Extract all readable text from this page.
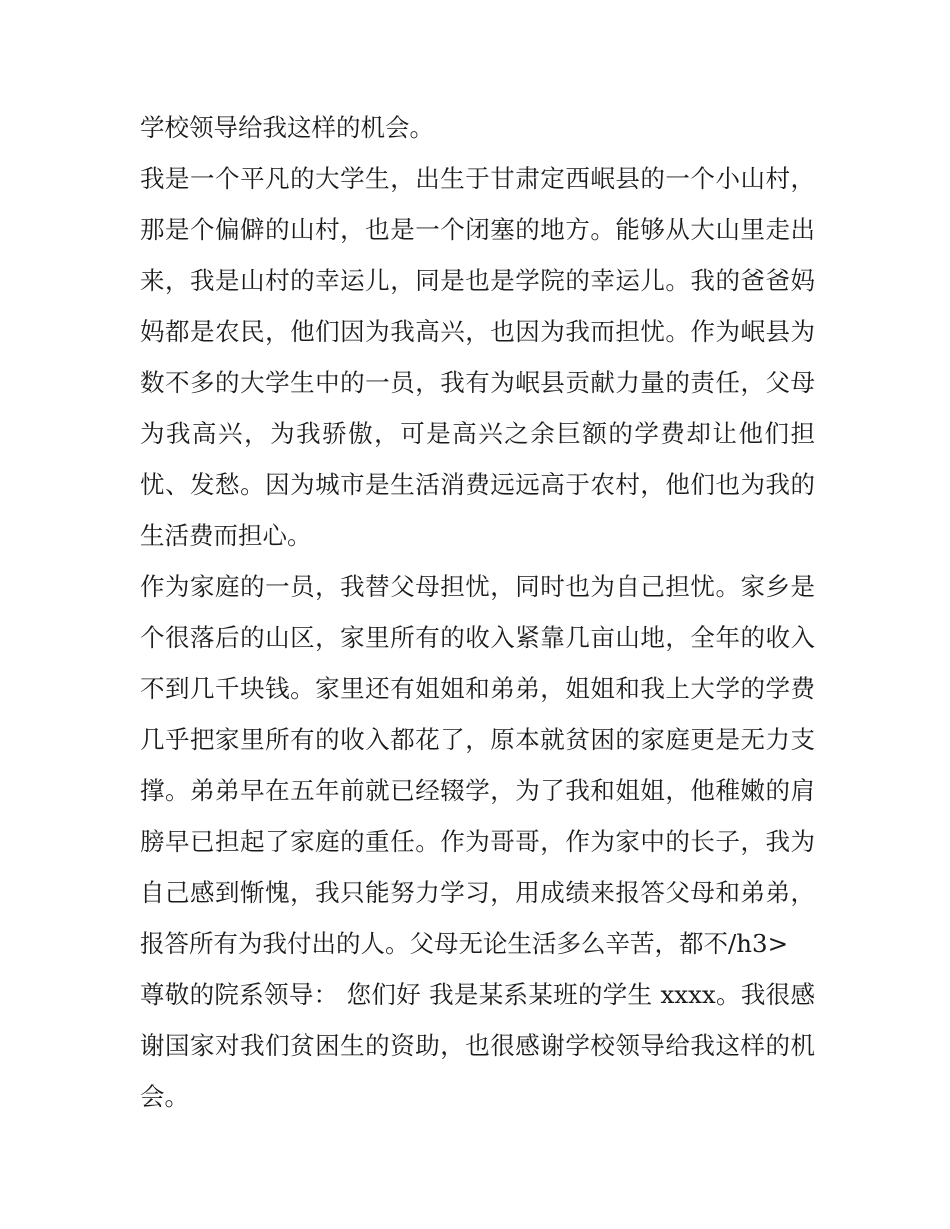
学校领导给我这样的机会。
我是一个平凡的大学生，出生于甘肃定西岷县的一个小山村，
那是个偏僻的山村，也是一个闭塞的地方。能够从大山里走出
来，我是山村的幸运儿，同是也是学院的幸运儿。我的爸爸妈
妈都是农民，他们因为我高兴，也因为我而担忧。作为岷县为
数不多的大学生中的一员，我有为岷县贡献力量的责任，父母
为我高兴，为我骄傲，可是高兴之余巨额的学费却让他们担
忧、发愁。因为城市是生活消费远远高于农村，他们也为我的
生活费而担心。
作为家庭的一员，我替父母担忧，同时也为自己担忧。家乡是
个很落后的山区，家里所有的收入紧靠几亩山地，全年的收入
不到几千块钱。家里还有姐姐和弟弟，姐姐和我上大学的学费
几乎把家里所有的收入都花了，原本就贫困的家庭更是无力支
撑。弟弟早在五年前就已经辍学，为了我和姐姐，他稚嫩的肩
膀早已担起了家庭的重任。作为哥哥，作为家中的长子，我为
自己感到惭愧，我只能努力学习，用成绩来报答父母和弟弟，
报答所有为我付出的人。父母无论生活多么辛苦，都不/h3>
尊敬的院系领导： 您们好 我是某系某班的学生 xxxx。我很感
谢国家对我们贫困生的资助，也很感谢学校领导给我这样的机
会。
